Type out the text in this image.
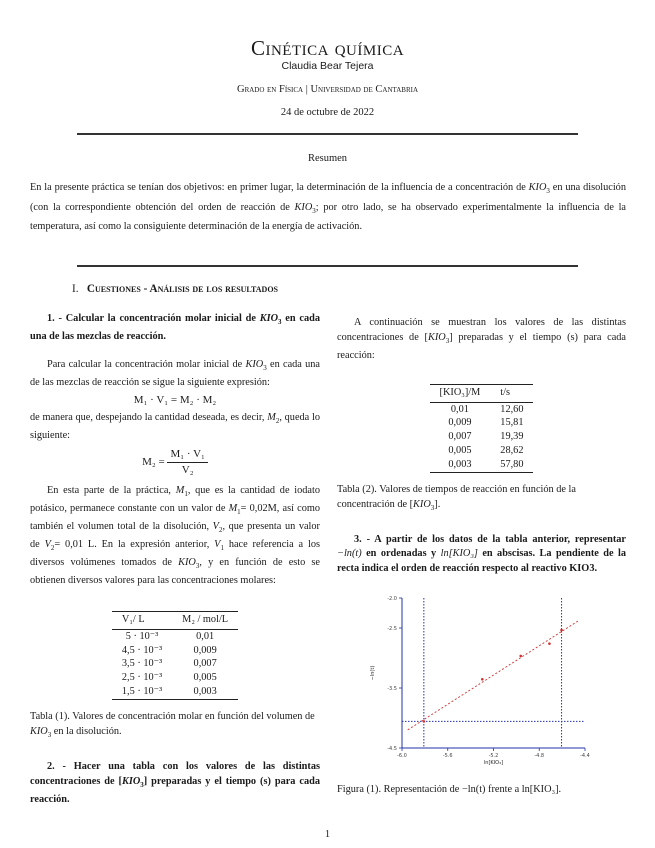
Cinética química
Claudia Bear Tejera
Grado en Física | Universidad de Cantabria
24 de octubre de 2022
Resumen
En la presente práctica se tenían dos objetivos: en primer lugar, la determinación de la influencia de a concentración de $KIO_3$ en una disolución (con la correspondiente obtención del orden de reacción de $KIO_3$; por otro lado, se ha observado experimentalmente la influencia de la temperatura, así como la consiguiente determinación de la energía de activación.
I. Cuestiones - Análisis de los resultados

1. - Calcular la concentración molar inicial de $KIO_3$ en cada una de las mezclas de reacción.

Para calcular la concentración molar inicial de $KIO_3$ en cada una de las mezclas de reacción se sigue la siguiente expresión:

M₁ · V₁ = M₂ · M₂

de manera que, despejando la cantidad deseada, es decir, $M_2$, queda lo siguiente:

$M_2 = \frac{\text{M₁ · V₁}}{\text{V₂}}$

En esta parte de la práctica, $M_1$, que es la cantidad de iodato potásico, permanece constante con un valor de $M_1= 0,02M$, así como también el volumen total de la disolución, $V_2$, que presenta un valor de $V_2= 0,01$ L. En la expresión anterior, $V_1$ hace referencia a los diversos volúmenes tomados de $KIO_3$, y en función de esto se obtienen diversos valores para las concentraciones molares:

V₁/ L	M₂ / mol/L
5 · 10⁻³	0,01
4,5 · 10⁻³	0,009
3,5 · 10⁻³	0,007
2,5 · 10⁻³	0,005
1,5 · 10⁻³	0,003

Tabla (1). Valores de concentración molar en función del volumen de $KIO_3$ en la disolución.

2. - Hacer una tabla con los valores de las distintas concentraciones de $[KIO_3]$ preparadas y el tiempo (s) para cada reacción.

A continuación se muestran los valores de las distintas concentraciones de $[KIO_3]$ preparadas y el tiempo (s) para cada reacción:

[KIO₃]/M	t/s
0,01	12,60
0,009	15,81
0,007	19,39
0,005	28,62
0,003	57,80

Tabla (2). Valores de tiempos de reacción en función de la concentración de $[KIO_3]$.

3. - A partir de los datos de la tabla anterior, representar −ln(t) en ordenadas y ln[KIO₃] en abscisas. La pendiente de la recta indica el orden de reacción respecto al reactivo KIO3.

-6.0	-5.6	-5.2	-4.8	-4.4
-4.5
-3.5
-2.5
-2.0
ln[KIO₃]
−ln(t)
Figura (1). Representación de −ln(t) frente a ln[KIO₃].
1
